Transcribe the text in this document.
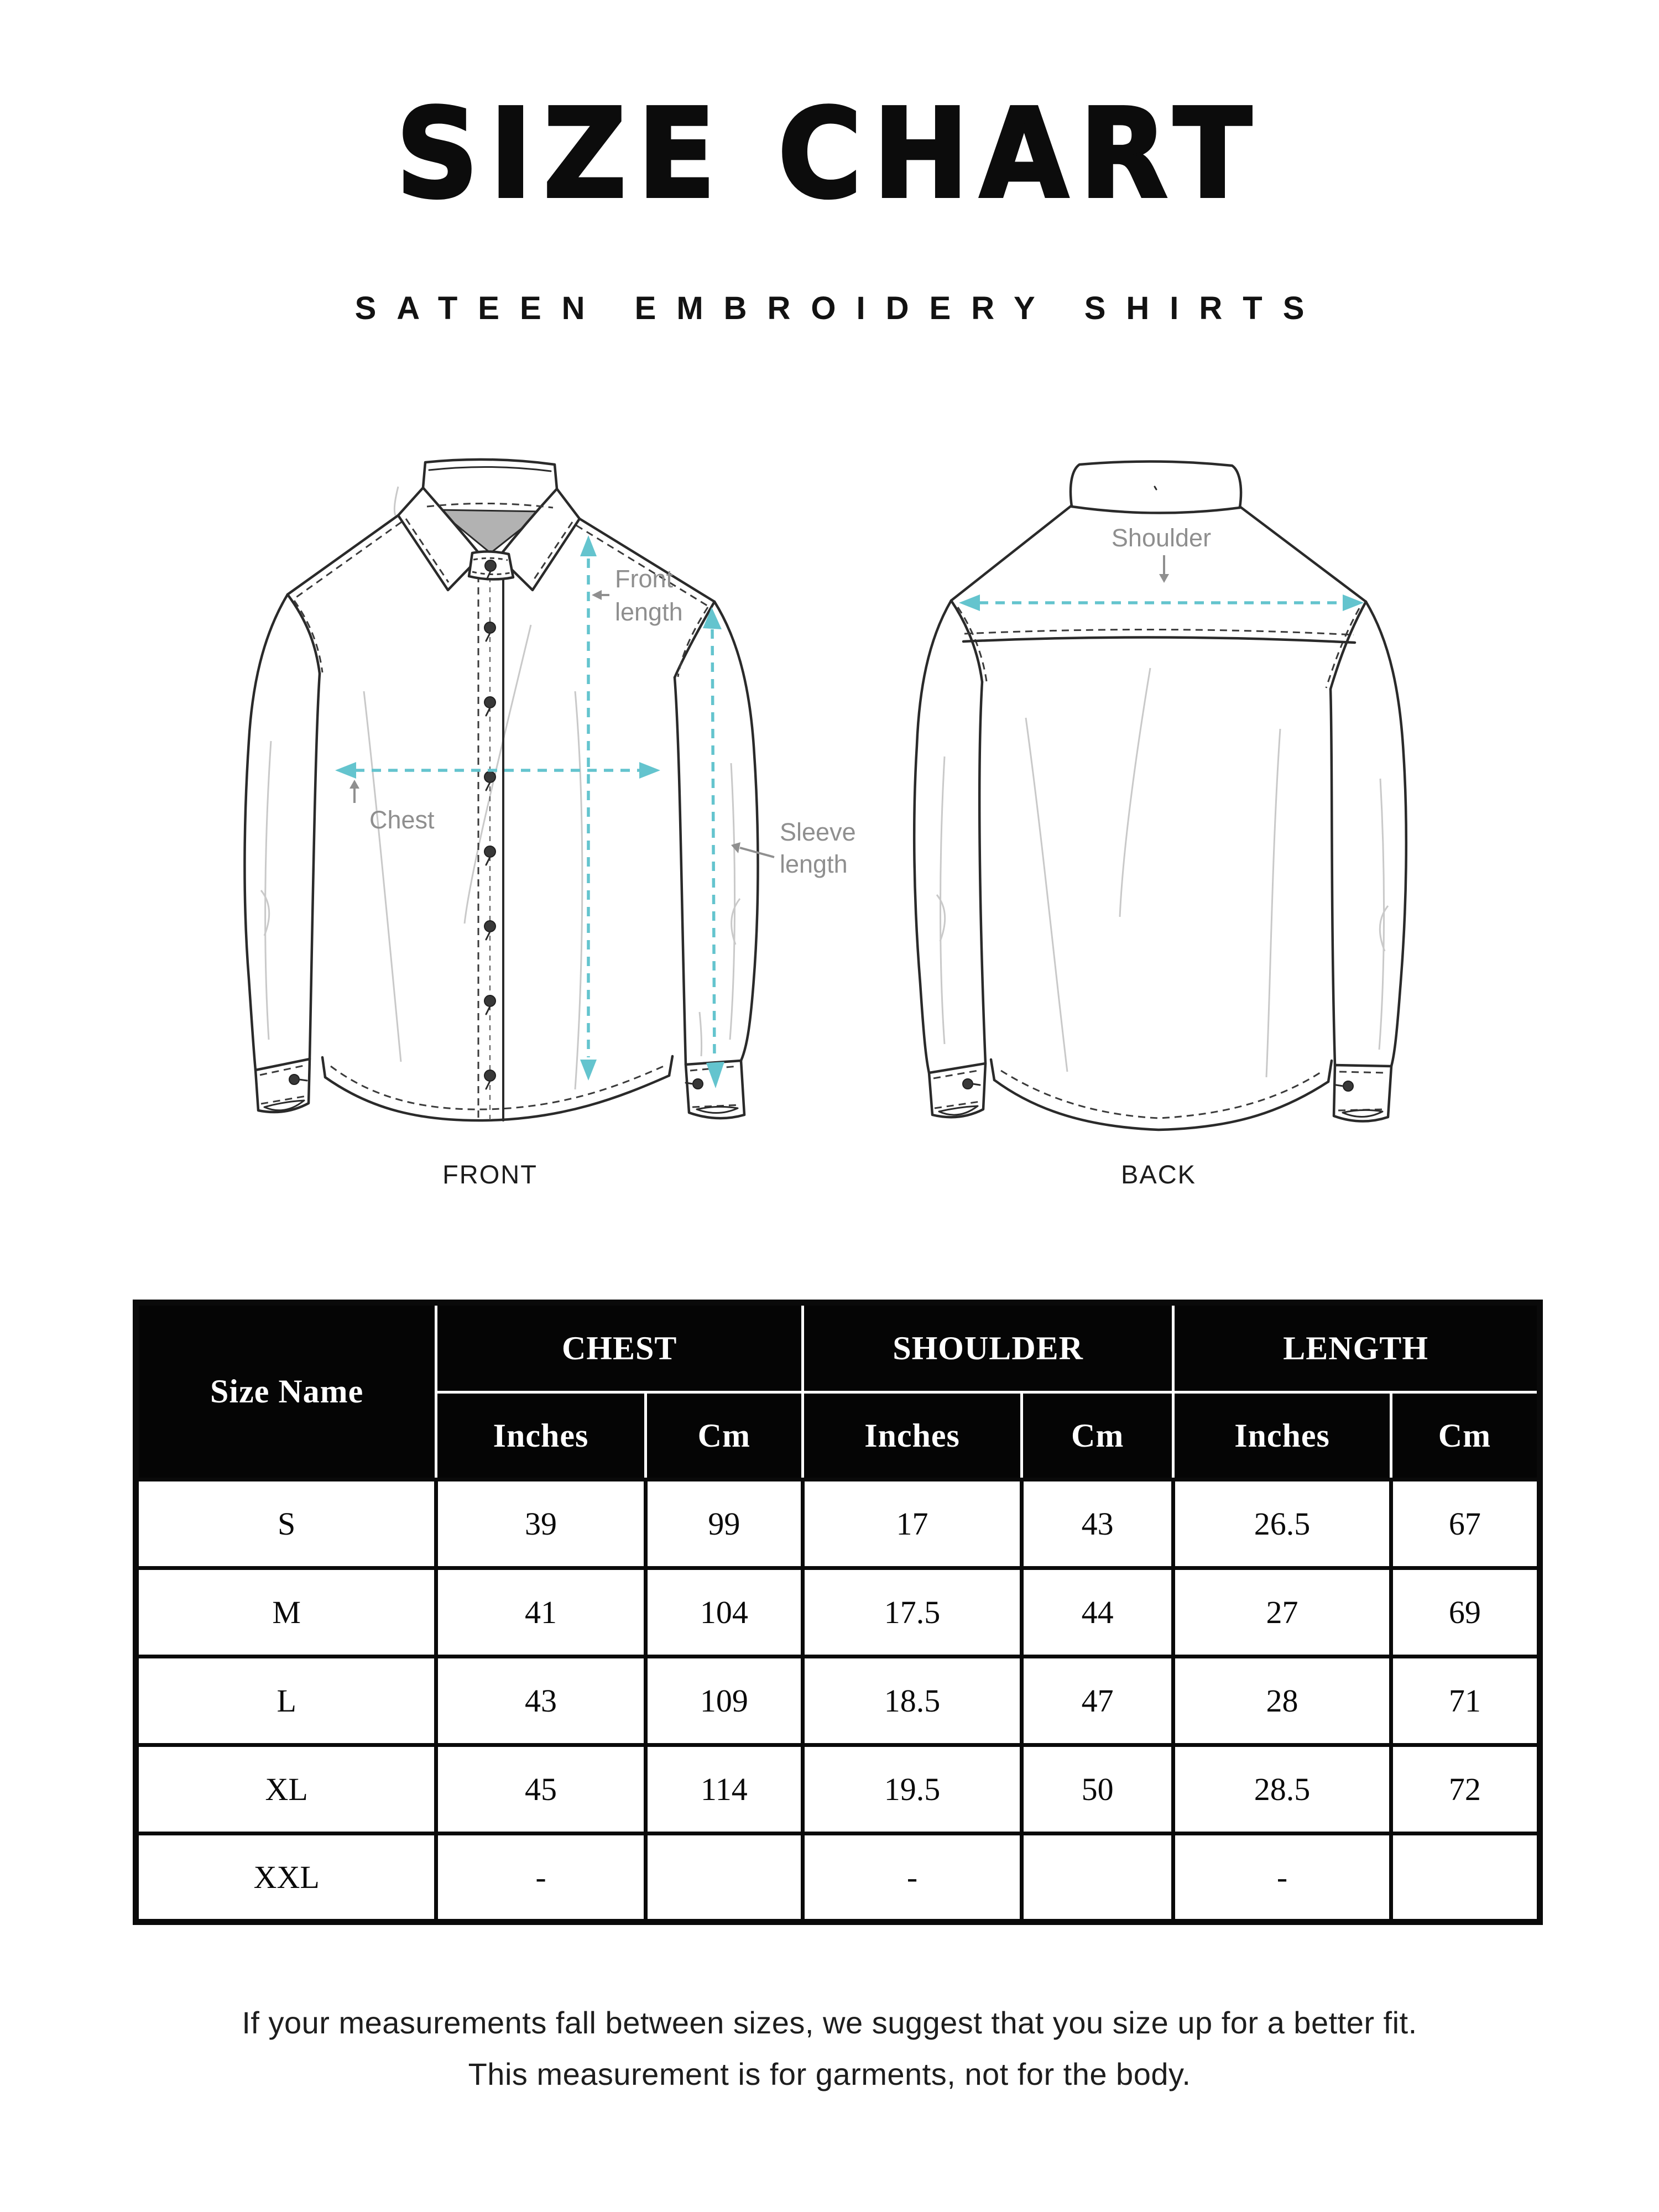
SIZE CHART
SATEEN EMBROIDERY SHIRTS
Front
length
Chest	Sleeve
length
Shoulder
FRONT	BACK
Size Name	CHEST		SHOULDER		LENGTH	
	Inches	Cm	Inches	Cm	Inches	Cm
S	39	99	17	43	26.5	67
M	41	104	17.5	44	27	69
L	43	109	18.5	47	28	71
XL	45	114	19.5	50	28.5	72
XXL	-		-		-	
If your measurements fall between sizes, we suggest that you size up for a better fit.
This measurement is for garments, not for the body.
